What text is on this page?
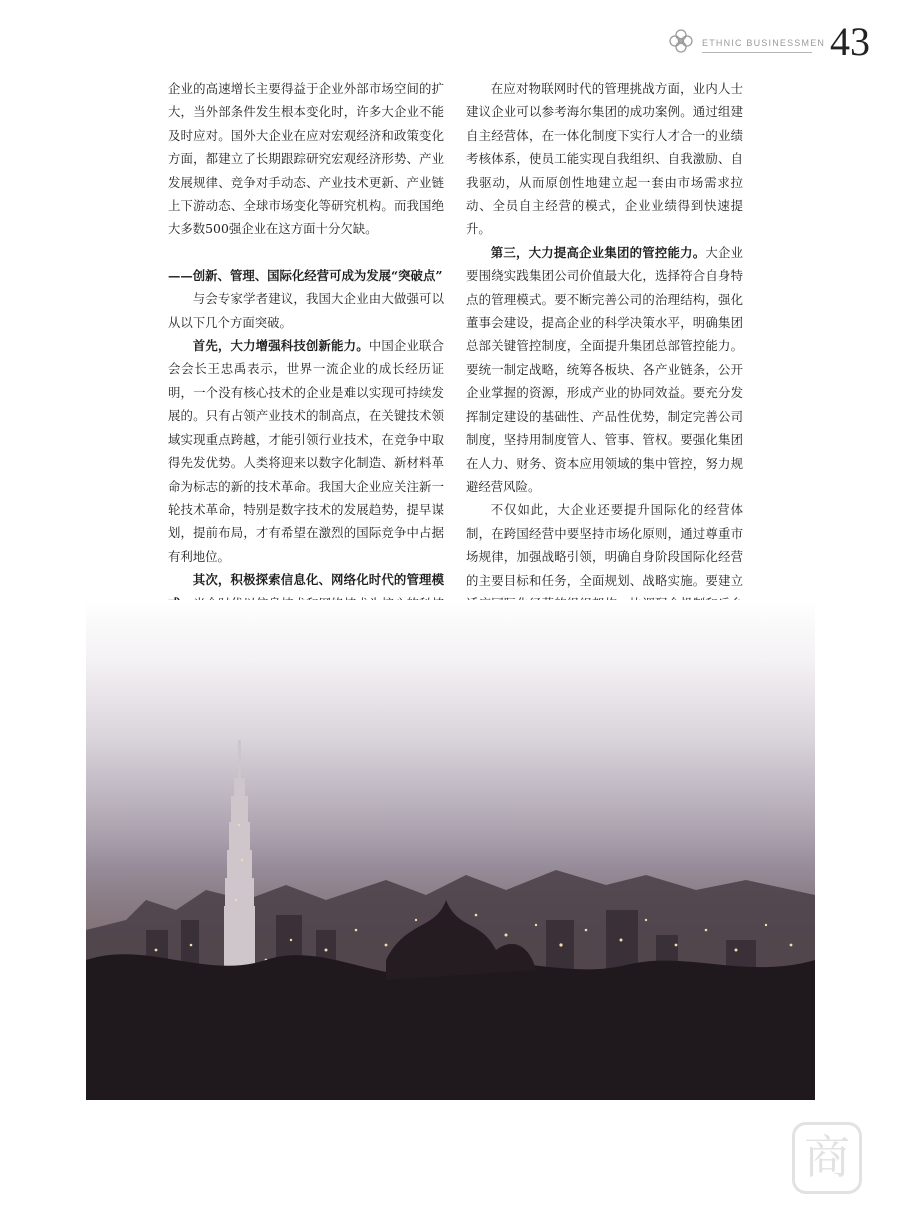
ETHNIC BUSINESSMEN 43

企业的高速增长主要得益于企业外部市场空间的扩大，当外部条件发生根本变化时，许多大企业不能及时应对。国外大企业在应对宏观经济和政策变化方面，都建立了长期跟踪研究宏观经济形势、产业发展规律、竞争对手动态、产业技术更新、产业链上下游动态、全球市场变化等研究机构。而我国绝大多数500强企业在这方面十分欠缺。

——创新、管理、国际化经营可成为发展“突破点”

与会专家学者建议，我国大企业由大做强可以从以下几个方面突破。

首先，大力增强科技创新能力。中国企业联合会会长王忠禹表示，世界一流企业的成长经历证明，一个没有核心技术的企业是难以实现可持续发展的。只有占领产业技术的制高点，在关键技术领域实现重点跨越，才能引领行业技术，在竞争中取得先发优势。人类将迎来以数字化制造、新材料革命为标志的新的技术革命。我国大企业应关注新一轮技术革命，特别是数字技术的发展趋势，提早谋划，提前布局，才有希望在激烈的国际竞争中占据有利地位。

其次，积极探索信息化、网络化时代的管理模

在应对物联网时代的管理挑战方面，业内人士建议企业可以参考海尔集团的成功案例。通过组建自主经营体，在一体化制度下实行人才合一的业绩考核体系，使员工能实现自我组织、自我激励、自我驱动，从而原创性地建立起一套由市场需求拉动、全员自主经营的模式，企业业绩得到快速提升。

第三，大力提高企业集团的管控能力。大企业要围绕实践集团公司价值最大化，选择符合自身特点的管理模式。要不断完善公司的治理结构，强化董事会建设，提高企业的科学决策水平，明确集团总部关键管控制度，全面提升集团总部管控能力。要统一制定战略，统筹各板块、各产业链条，公开企业掌握的资源，形成产业的协同效益。要充分发挥制定建设的基础性、产品性优势，制定完善公司制度，坚持用制度管人、管事、管权。要强化集团在人力、财务、资本应用领域的集中管控，努力规避经营风险。

不仅如此，大企业还要提升国际化的经营体制，在跨国经营中要坚持市场化原则，通过尊重市场规律，加强战略引领，明确自身阶段国际化经营的主要目标和任务，全面规划、战略实施。要建立

商
